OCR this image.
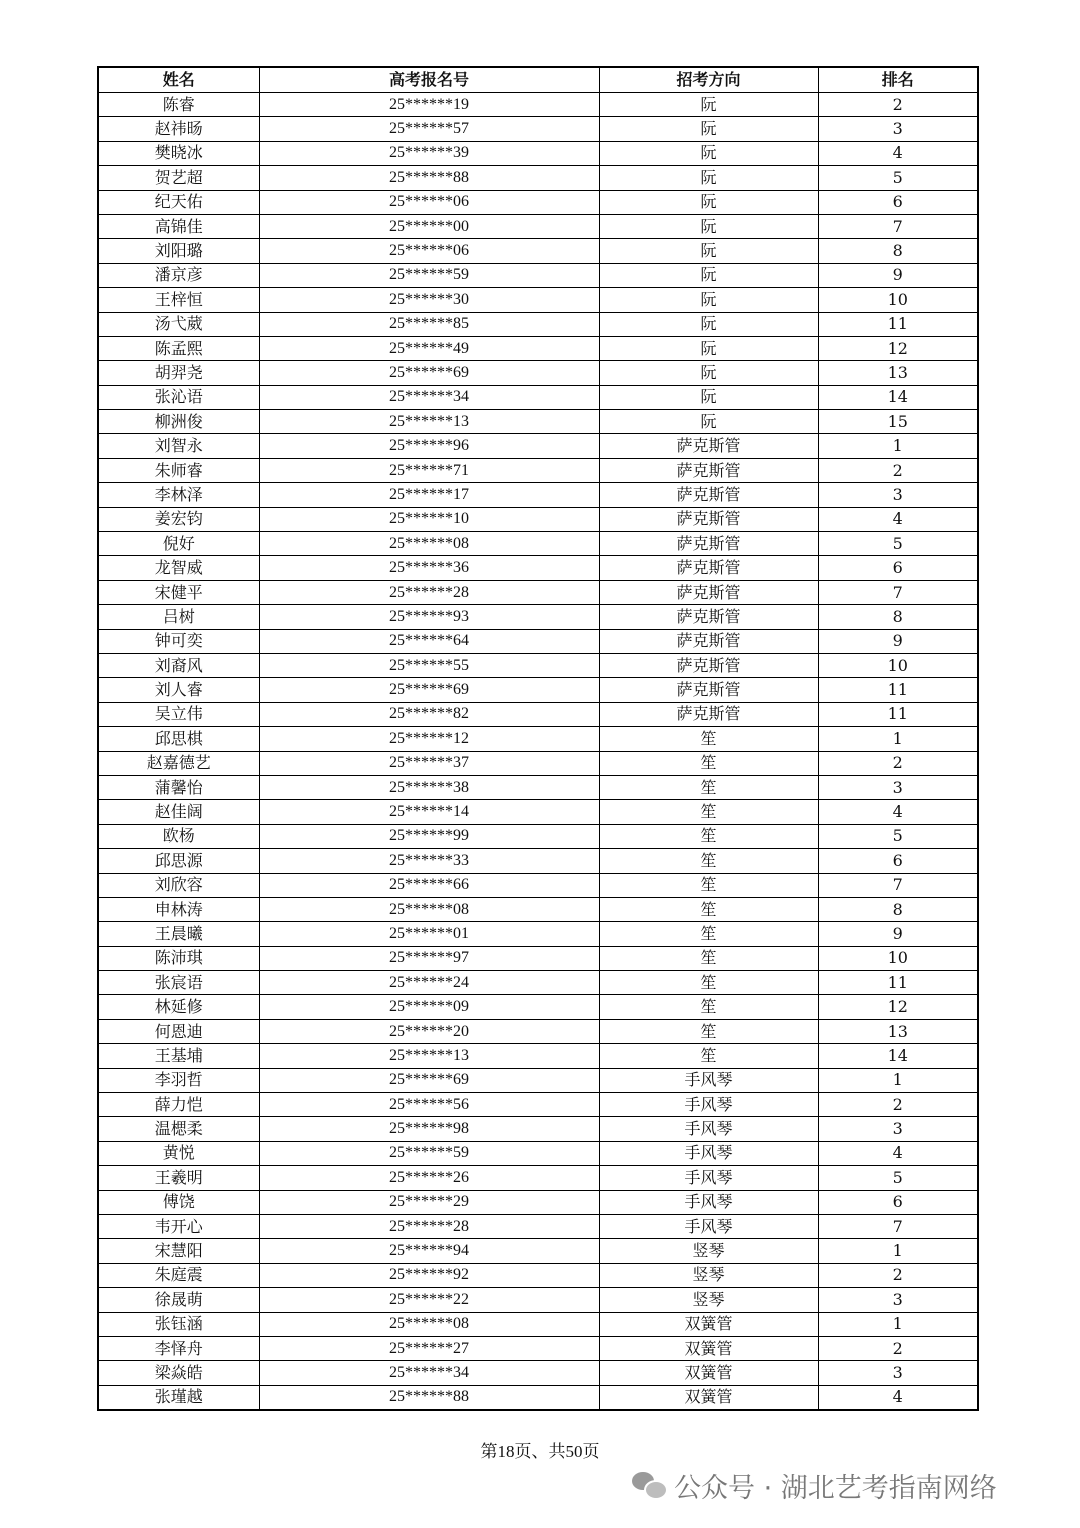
姓名	高考报名号	招考方向	排名
陈睿	25******19	阮	2
赵祎旸	25******57	阮	3
樊晓冰	25******39	阮	4
贺艺超	25******88	阮	5
纪天佑	25******06	阮	6
高锦佳	25******00	阮	7
刘阳璐	25******06	阮	8
潘京彦	25******59	阮	9
王梓恒	25******30	阮	10
汤弋葳	25******85	阮	11
陈孟熙	25******49	阮	12
胡羿尧	25******69	阮	13
张沁语	25******34	阮	14
柳洲俊	25******13	阮	15
刘智永	25******96	萨克斯管	1
朱师睿	25******71	萨克斯管	2
李林泽	25******17	萨克斯管	3
姜宏钧	25******10	萨克斯管	4
倪好	25******08	萨克斯管	5
龙智威	25******36	萨克斯管	6
宋健平	25******28	萨克斯管	7
吕树	25******93	萨克斯管	8
钟可奕	25******64	萨克斯管	9
刘裔风	25******55	萨克斯管	10
刘人睿	25******69	萨克斯管	11
吴立伟	25******82	萨克斯管	11
邱思棋	25******12	笙	1
赵嘉德艺	25******37	笙	2
蒲馨怡	25******38	笙	3
赵佳阔	25******14	笙	4
欧杨	25******99	笙	5
邱思源	25******33	笙	6
刘欣容	25******66	笙	7
申林涛	25******08	笙	8
王晨曦	25******01	笙	9
陈沛琪	25******97	笙	10
张宸语	25******24	笙	11
林延修	25******09	笙	12
何恩迪	25******20	笙	13
王基埔	25******13	笙	14
李羽哲	25******69	手风琴	1
薛力恺	25******56	手风琴	2
温楒柔	25******98	手风琴	3
黄悦	25******59	手风琴	4
王羲明	25******26	手风琴	5
傅饶	25******29	手风琴	6
韦开心	25******28	手风琴	7
宋慧阳	25******94	竖琴	1
朱庭震	25******92	竖琴	2
徐晟萌	25******22	竖琴	3
张钰涵	25******08	双簧管	1
李怿舟	25******27	双簧管	2
梁焱皓	25******34	双簧管	3
张瑾越	25******88	双簧管	4
第18页、共50页
公众号 · 湖北艺考指南网络
